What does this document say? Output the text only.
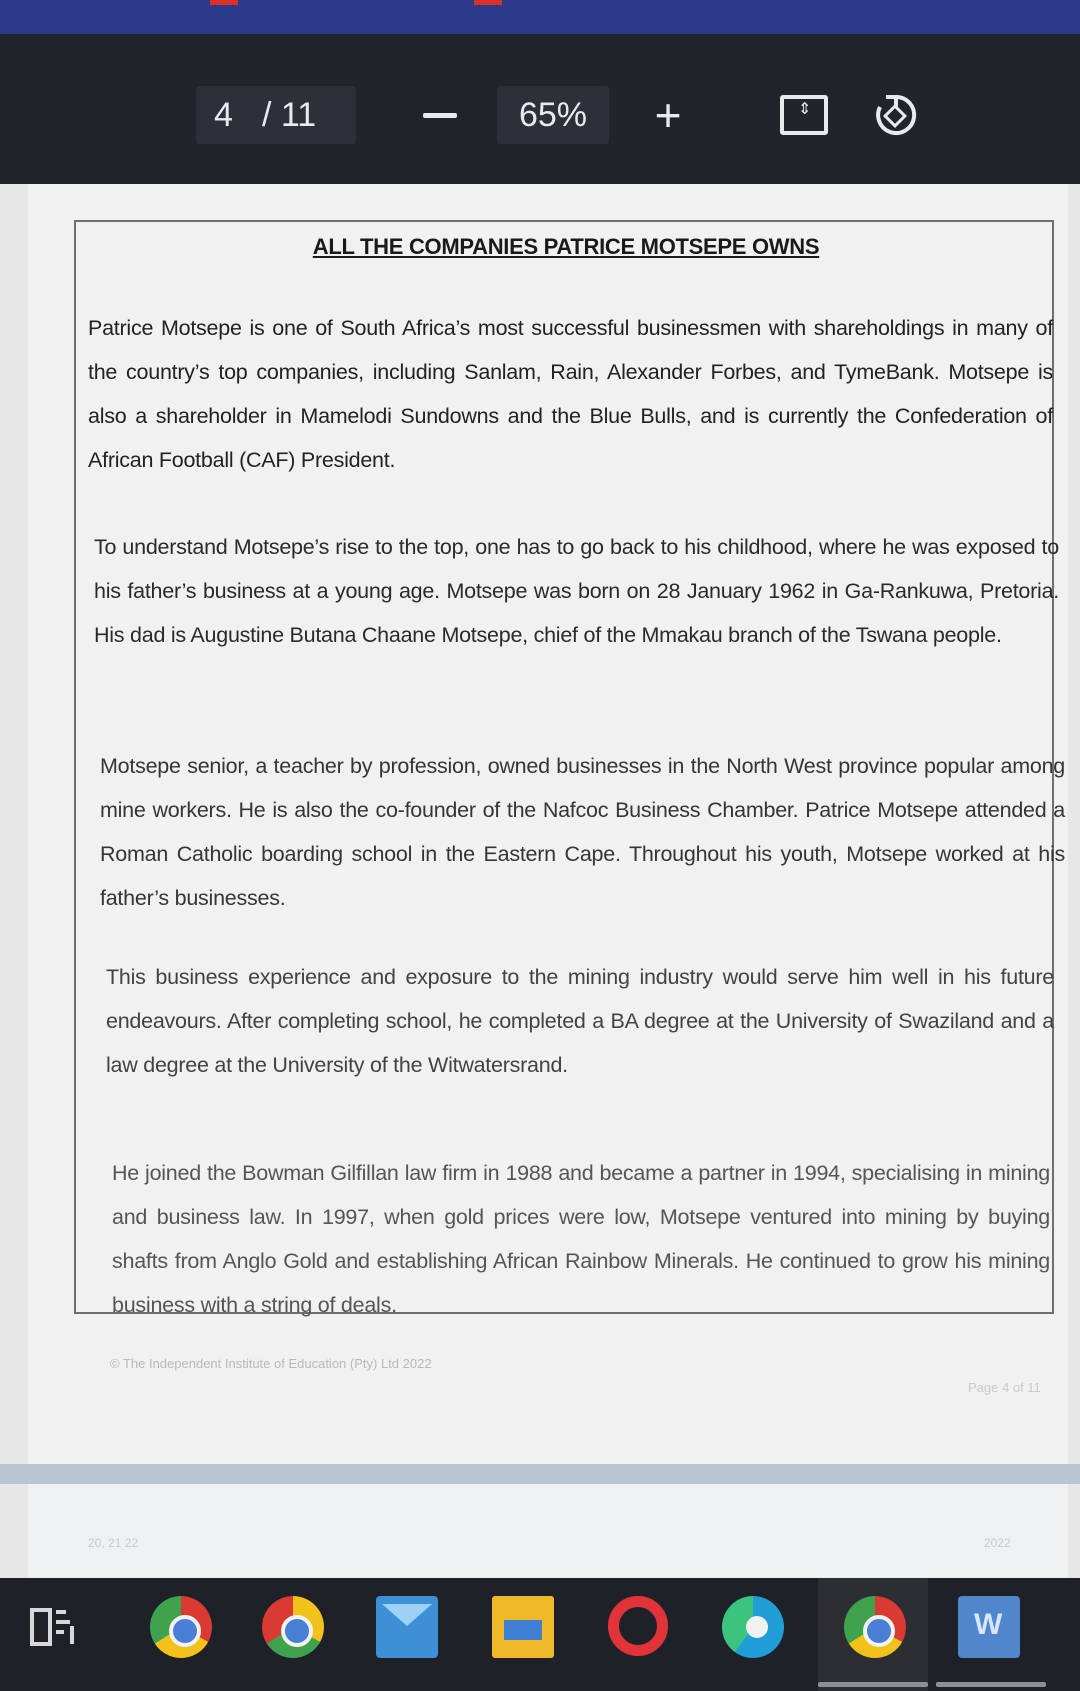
4 / 11	65%	+	⇕
ALL THE COMPANIES PATRICE MOTSEPE OWNS

Patrice Motsepe is one of South Africa’s most successful businessmen with shareholdings in many of the country’s top companies, including Sanlam, Rain, Alexander Forbes, and TymeBank. Motsepe is also a shareholder in Mamelodi Sundowns and the Blue Bulls, and is currently the Confederation of African Football (CAF) President.

To understand Motsepe’s rise to the top, one has to go back to his childhood, where he was exposed to his father’s business at a young age. Motsepe was born on 28 January 1962 in Ga-Rankuwa, Pretoria. His dad is Augustine Butana Chaane Motsepe, chief of the Mmakau branch of the Tswana people.

Motsepe senior, a teacher by profession, owned businesses in the North West province popular among mine workers. He is also the co-founder of the Nafcoc Business Chamber. Patrice Motsepe attended a Roman Catholic boarding school in the Eastern Cape. Throughout his youth, Motsepe worked at his father’s businesses.

This business experience and exposure to the mining industry would serve him well in his future endeavours. After completing school, he completed a BA degree at the University of Swaziland and a law degree at the University of the Witwatersrand.

He joined the Bowman Gilfillan law firm in 1988 and became a partner in 1994, specialising in mining and business law. In 1997, when gold prices were low, Motsepe ventured into mining by buying shafts from Anglo Gold and establishing African Rainbow Minerals. He continued to grow his mining business with a string of deals.

© The Independent Institute of Education (Pty) Ltd 2022
Page 4 of 11
20, 21 22	2022
W
